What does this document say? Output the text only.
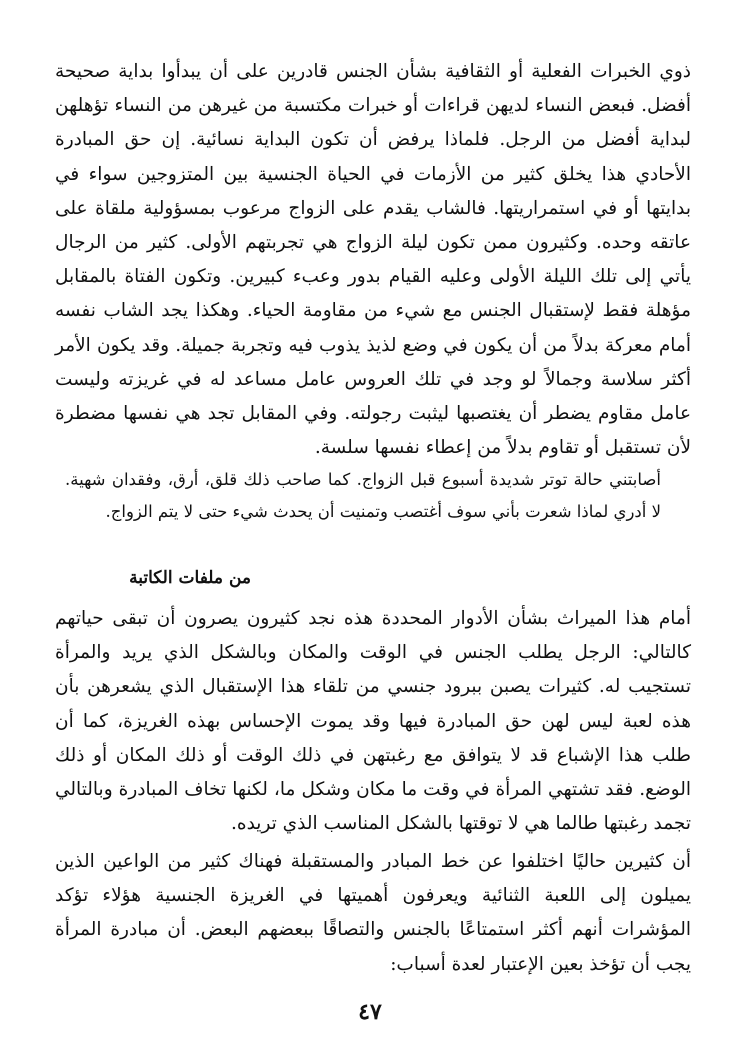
ذوي الخبرات الفعلية أو الثقافية بشأن الجنس قادرين على أن يبدأوا بداية صحيحة أفضل. فبعض النساء لديهن قراءات أو خبرات مكتسبة من غيرهن من النساء تؤهلهن لبداية أفضل من الرجل. فلماذا يرفض أن تكون البداية نسائية. إن حق المبادرة الأحادي هذا يخلق كثير من الأزمات في الحياة الجنسية بين المتزوجين سواء في بدايتها أو في استمراريتها. فالشاب يقدم على الزواج مرعوب بمسؤولية ملقاة على عاتقه وحده. وكثيرون ممن تكون ليلة الزواج هي تجربتهم الأولى. كثير من الرجال يأتي إلى تلك الليلة الأولى وعليه القيام بدور وعبء كبيرين. وتكون الفتاة بالمقابل مؤهلة فقط لإستقبال الجنس مع شيء من مقاومة الحياء. وهكذا يجد الشاب نفسه أمام معركة بدلاً من أن يكون في وضع لذيذ يذوب فيه وتجربة جميلة. وقد يكون الأمر أكثر سلاسة وجمالاً لو وجد في تلك العروس عامل مساعد له في غريزته وليست عامل مقاوم يضطر أن يغتصبها ليثبت رجولته. وفي المقابل تجد هي نفسها مضطرة لأن تستقبل أو تقاوم بدلاً من إعطاء نفسها سلسة.

أصابتني حالة توتر شديدة أسبوع قبل الزواج. كما صاحب ذلك قلق، أرق، وفقدان شهية. لا أدري لماذا شعرت بأني سوف أغتصب وتمنيت أن يحدث شيء حتى لا يتم الزواج.

من ملفات الكاتبة

أمام هذا الميراث بشأن الأدوار المحددة هذه نجد كثيرون يصرون أن تبقى حياتهم كالتالي: الرجل يطلب الجنس في الوقت والمكان وبالشكل الذي يريد والمرأة تستجيب له. كثيرات يصبن ببرود جنسي من تلقاء هذا الإستقبال الذي يشعرهن بأن هذه لعبة ليس لهن حق المبادرة فيها وقد يموت الإحساس بهذه الغريزة، كما أن طلب هذا الإشباع قد لا يتوافق مع رغبتهن في ذلك الوقت أو ذلك المكان أو ذلك الوضع. فقد تشتهي المرأة في وقت ما مكان وشكل ما، لكنها تخاف المبادرة وبالتالي تجمد رغبتها طالما هي لا توقتها بالشكل المناسب الذي تريده.

أن كثيرين حاليًا اختلفوا عن خط المبادر والمستقبلة فهناك كثير من الواعين الذين يميلون إلى اللعبة الثنائية ويعرفون أهميتها في الغريزة الجنسية هؤلاء تؤكد المؤشرات أنهم أكثر استمتاعًا بالجنس والتصاقًا ببعضهم البعض. أن مبادرة المرأة يجب أن تؤخذ بعين الإعتبار لعدة أسباب:

٤٧
